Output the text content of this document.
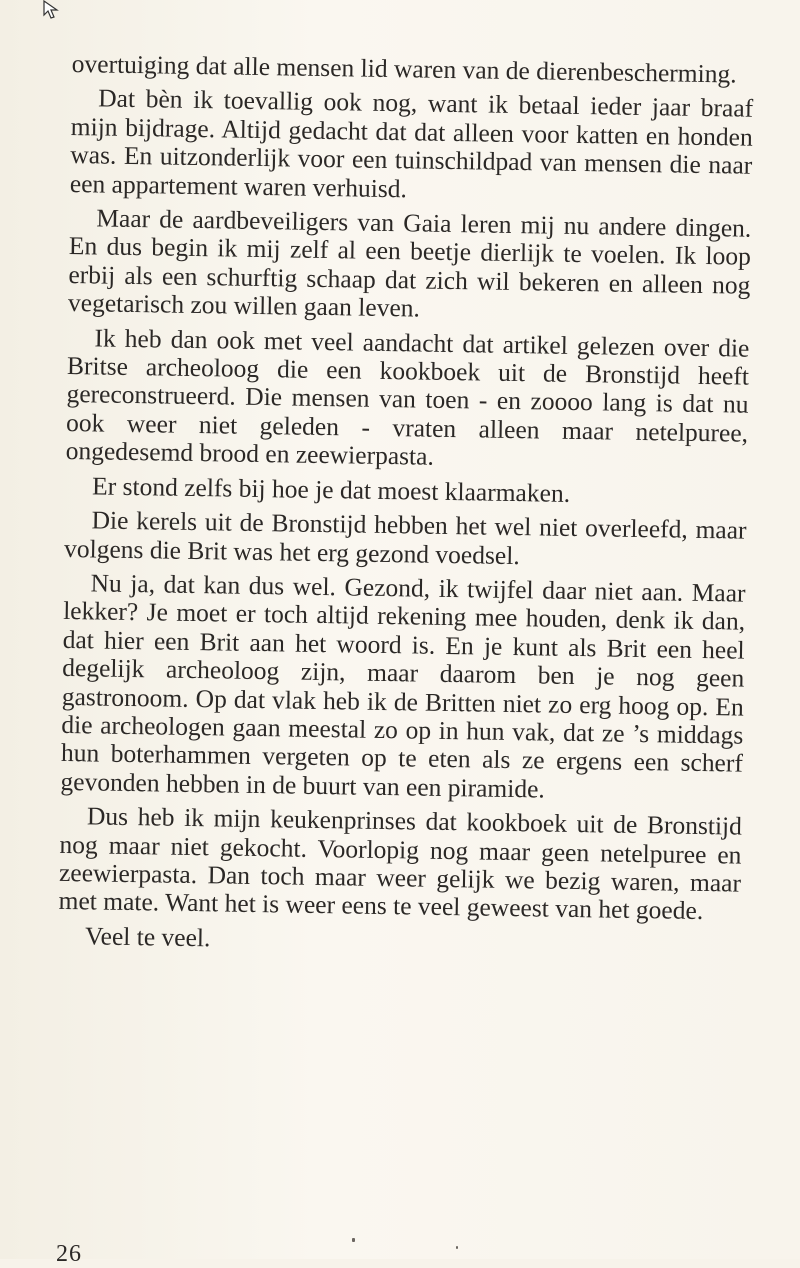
overtuiging dat alle mensen lid waren van de dierenbescherming.

Dat bèn ik toevallig ook nog, want ik betaal ieder jaar braaf mijn bijdrage. Altijd gedacht dat dat alleen voor katten en honden was. En uitzonderlijk voor een tuinschildpad van mensen die naar een appartement waren verhuisd.

Maar de aardbeveiligers van Gaia leren mij nu andere dingen. En dus begin ik mij zelf al een beetje dierlijk te voelen. Ik loop erbij als een schurftig schaap dat zich wil bekeren en alleen nog vegetarisch zou willen gaan leven.

Ik heb dan ook met veel aandacht dat artikel gelezen over die Britse archeoloog die een kookboek uit de Bronstijd heeft gereconstrueerd. Die mensen van toen - en zoooo lang is dat nu ook weer niet geleden - vraten alleen maar netelpuree, ongedesemd brood en zeewierpasta.

Er stond zelfs bij hoe je dat moest klaarmaken.

Die kerels uit de Bronstijd hebben het wel niet overleefd, maar volgens die Brit was het erg gezond voedsel.

Nu ja, dat kan dus wel. Gezond, ik twijfel daar niet aan. Maar lekker? Je moet er toch altijd rekening mee houden, denk ik dan, dat hier een Brit aan het woord is. En je kunt als Brit een heel degelijk archeoloog zijn, maar daarom ben je nog geen gastronoom. Op dat vlak heb ik de Britten niet zo erg hoog op. En die archeologen gaan meestal zo op in hun vak, dat ze ’s middags hun boterhammen vergeten op te eten als ze ergens een scherf gevonden hebben in de buurt van een piramide.

Dus heb ik mijn keukenprinses dat kookboek uit de Bronstijd nog maar niet gekocht. Voorlopig nog maar geen netelpuree en zeewierpasta. Dan toch maar weer gelijk we bezig waren, maar met mate. Want het is weer eens te veel geweest van het goede.

Veel te veel.

26
